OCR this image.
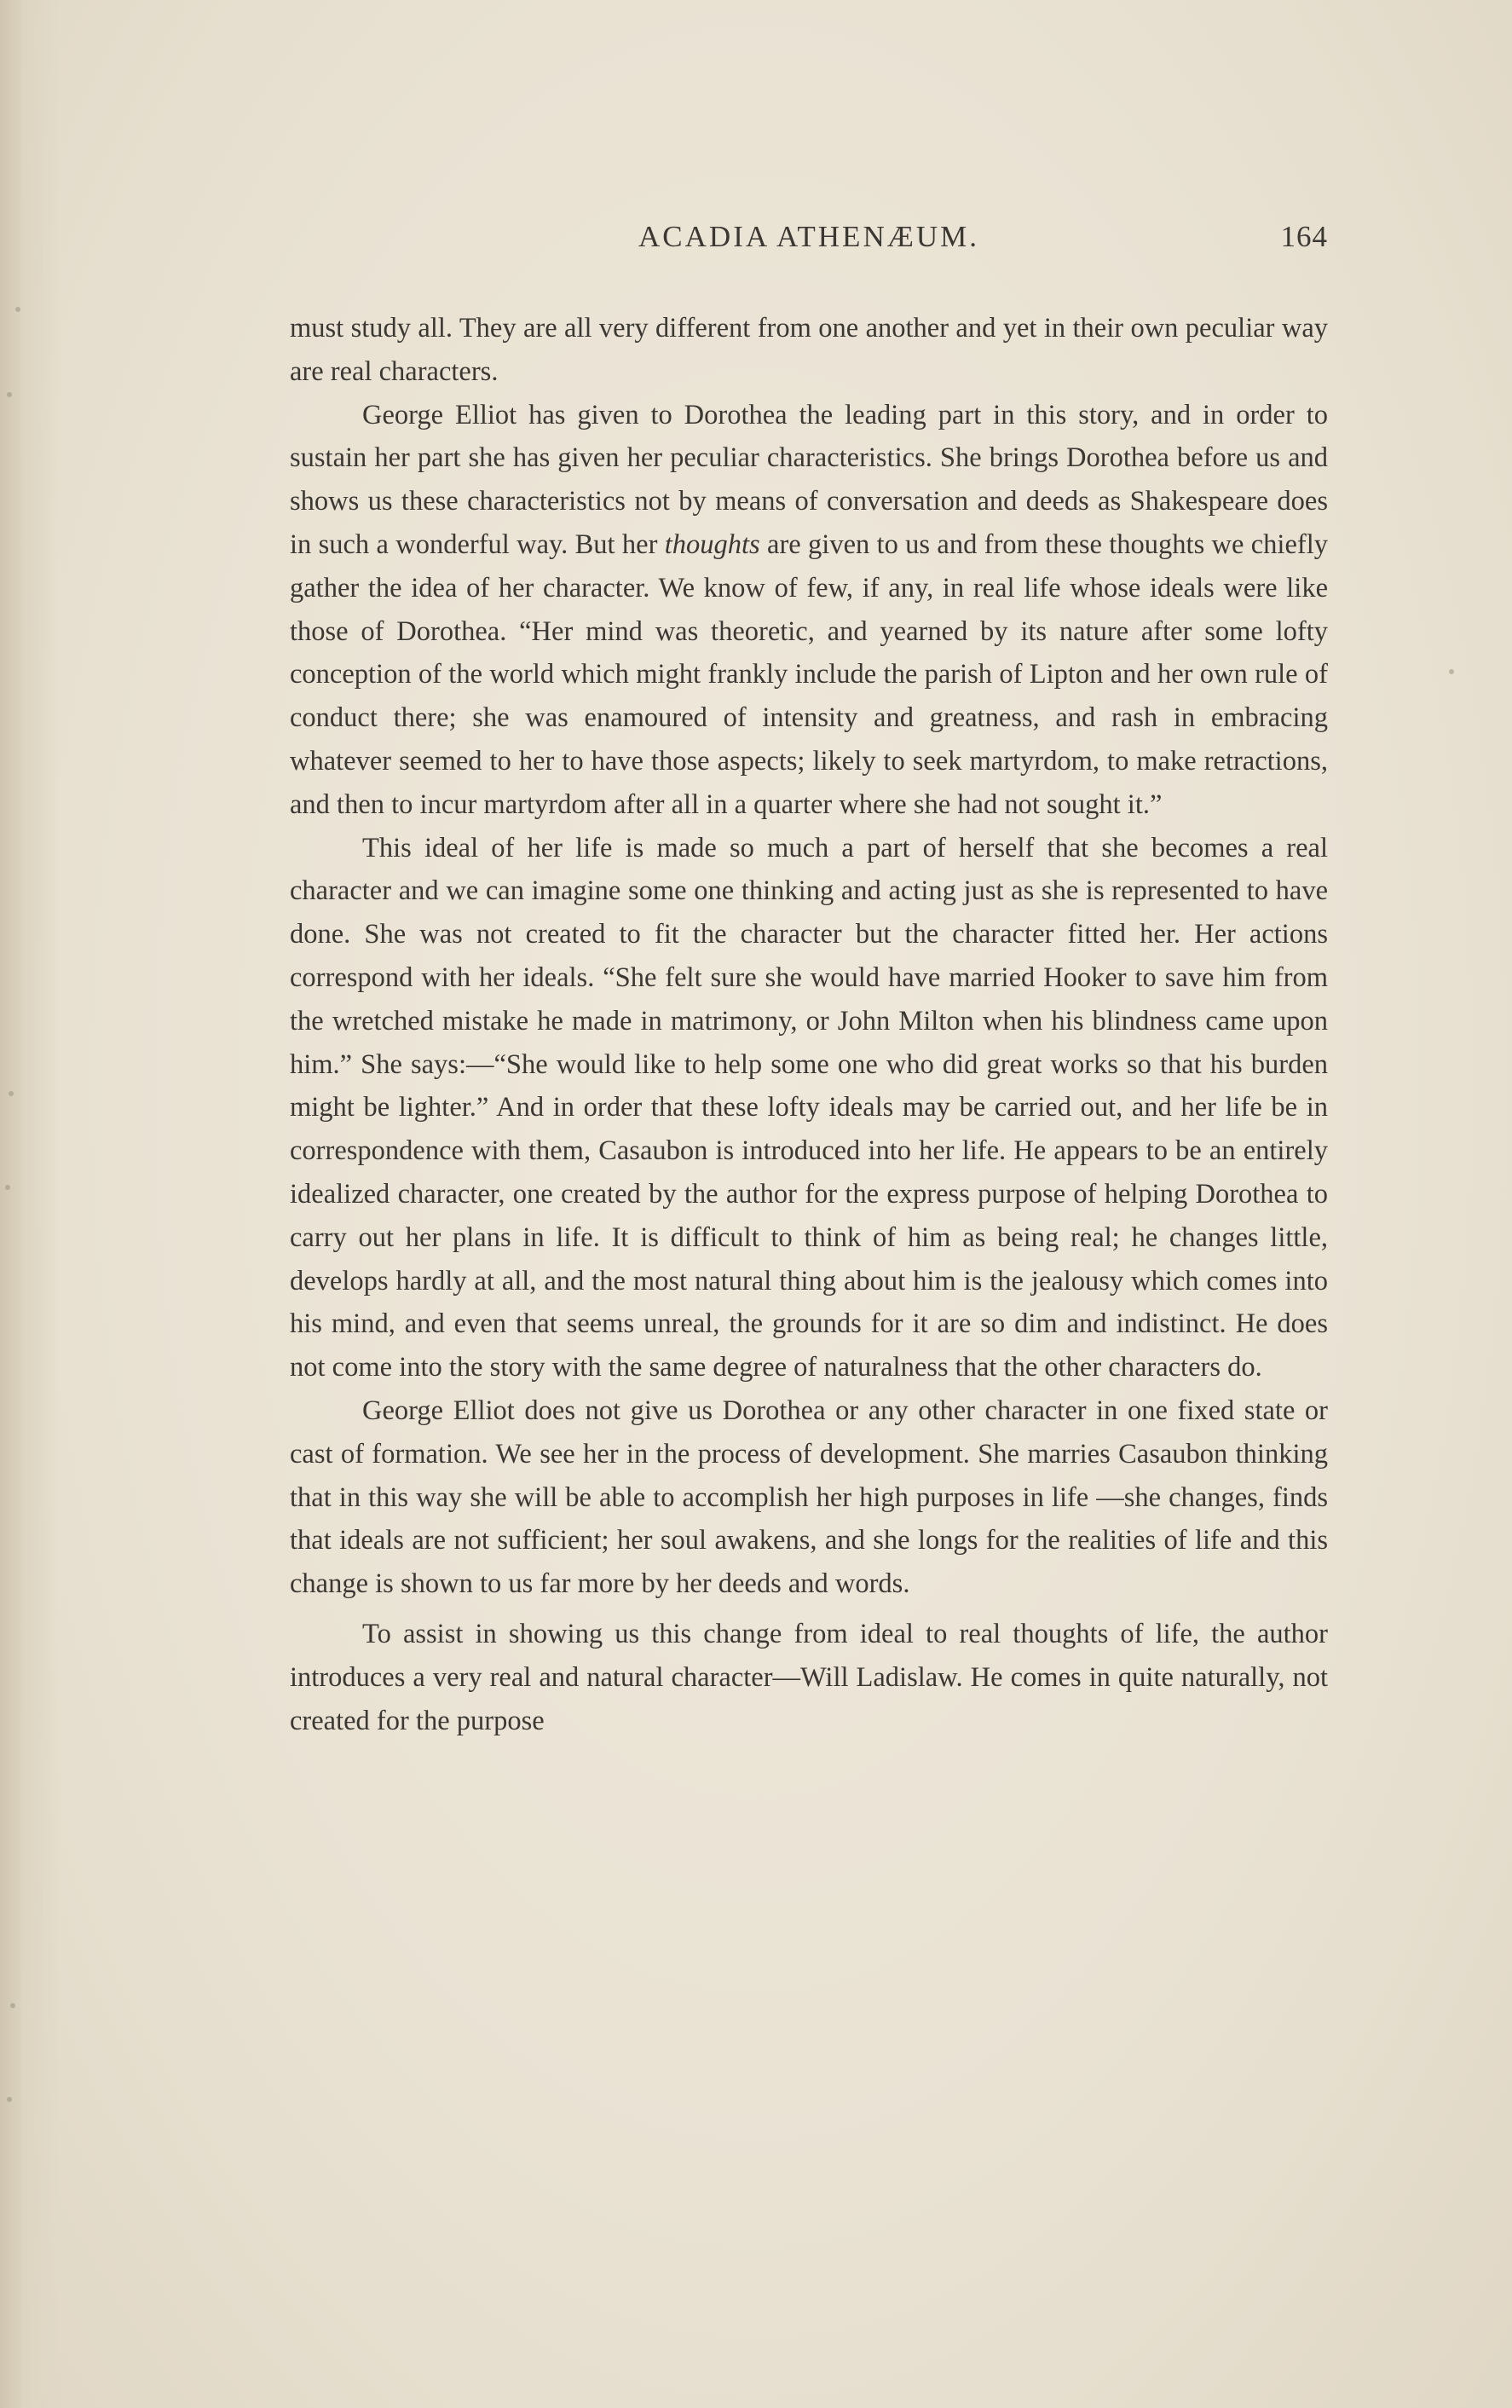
ACADIA ATHENÆUM.	164

must study all. They are all very different from one another and yet in their own peculiar way are real characters.

George Elliot has given to Dorothea the leading part in this story, and in order to sustain her part she has given her peculiar characteristics. She brings Dorothea before us and shows us these characteristics not by means of conversation and deeds as Shakespeare does in such a wonderful way. But her thoughts are given to us and from these thoughts we chiefly gather the idea of her character. We know of few, if any, in real life whose ideals were like those of Dorothea. “Her mind was theoretic, and yearned by its nature after some lofty conception of the world which might frankly include the parish of Lipton and her own rule of conduct there; she was enamoured of intensity and greatness, and rash in embracing whatever seemed to her to have those aspects; likely to seek martyrdom, to make retractions, and then to incur martyrdom after all in a quarter where she had not sought it.”

This ideal of her life is made so much a part of herself that she becomes a real character and we can imagine some one thinking and acting just as she is represented to have done. She was not created to fit the character but the character fitted her. Her actions correspond with her ideals. “She felt sure she would have married Hooker to save him from the wretched mistake he made in matrimony, or John Milton when his blindness came upon him.” She says:—“She would like to help some one who did great works so that his burden might be lighter.” And in order that these lofty ideals may be carried out, and her life be in correspondence with them, Casaubon is introduced into her life. He appears to be an entirely idealized character, one created by the author for the express purpose of helping Dorothea to carry out her plans in life. It is difficult to think of him as being real; he changes little, develops hardly at all, and the most natural thing about him is the jealousy which comes into his mind, and even that seems unreal, the grounds for it are so dim and indistinct. He does not come into the story with the same degree of naturalness that the other characters do.

George Elliot does not give us Dorothea or any other character in one fixed state or cast of formation. We see her in the process of development. She marries Casaubon thinking that in this way she will be able to accomplish her high purposes in life —she changes, finds that ideals are not sufficient; her soul awakens, and she longs for the realities of life and this change is shown to us far more by her deeds and words.

To assist in showing us this change from ideal to real thoughts of life, the author introduces a very real and natural character—Will Ladislaw. He comes in quite naturally, not created for the purpose
